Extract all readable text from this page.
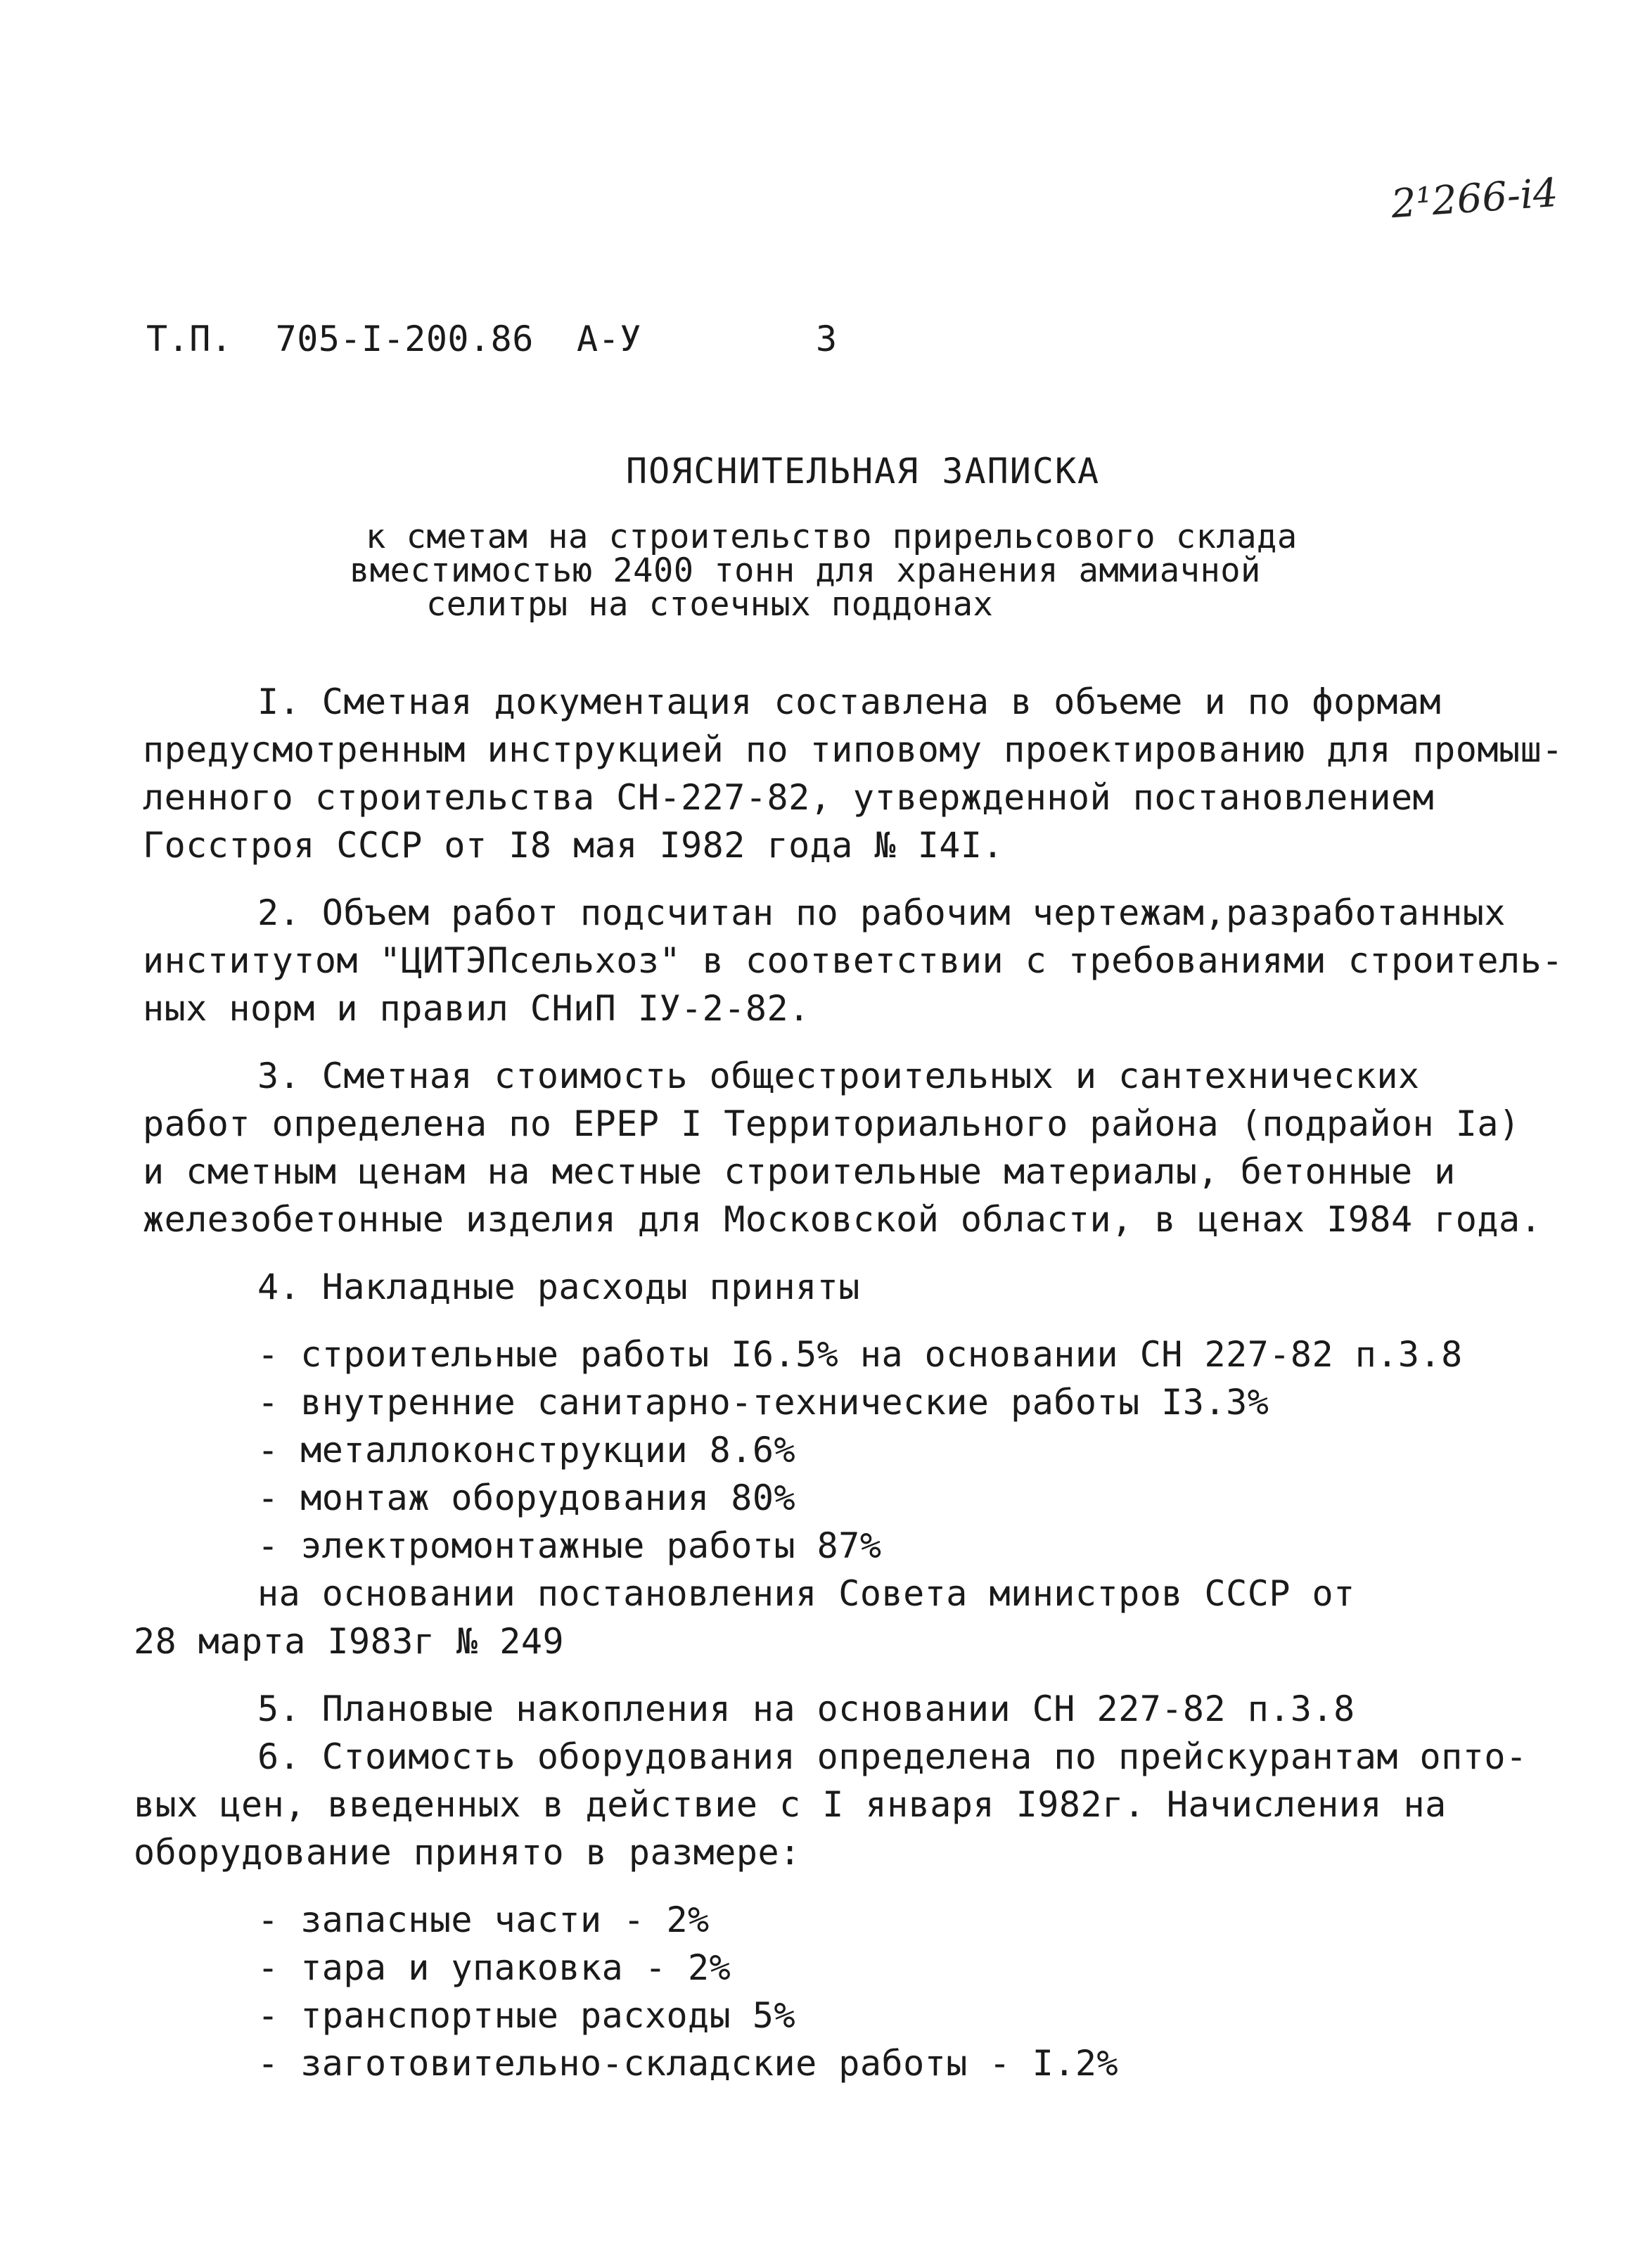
2¹266-i4
Т.П.  705-I-200.86  А-У	3
ПОЯСНИТЕЛЬНАЯ ЗАПИСКА
к сметам на строительство прирельсового склада
вместимостью 2400 тонн для хранения аммиачной
селитры на стоечных поддонах
I. Сметная документация составлена в объеме и по формам
предусмотренным инструкцией по типовому проектированию для промыш-
ленного строительства СН-227-82, утвержденной постановлением
Госстроя СССР от I8 мая I982 года № I4I.
2. Объем работ подсчитан по рабочим чертежам,разработанных
институтом "ЦИТЭПсельхоз" в соответствии с требованиями строитель-
ных норм и правил СНиП IУ-2-82.
3. Сметная стоимость общестроительных и сантехнических
работ определена по ЕРЕР I Территориального района (подрайон Iа)
и сметным ценам на местные строительные материалы, бетонные и
железобетонные изделия для Московской области, в ценах I984 года.
4. Накладные расходы приняты
- строительные работы I6.5% на основании СН 227-82 п.3.8
- внутренние санитарно-технические работы I3.3%
- металлоконструкции 8.6%
- монтаж оборудования 80%
- электромонтажные работы 87%
на основании постановления Совета министров СССР от
28 марта I983г № 249
5. Плановые накопления на основании СН 227-82 п.3.8
6. Стоимость оборудования определена по прейскурантам опто-
вых цен, введенных в действие с I января I982г. Начисления на
оборудование принято в размере:
- запасные части - 2%
- тара и упаковка - 2%
- транспортные расходы 5%
- заготовительно-складские работы - I.2%
